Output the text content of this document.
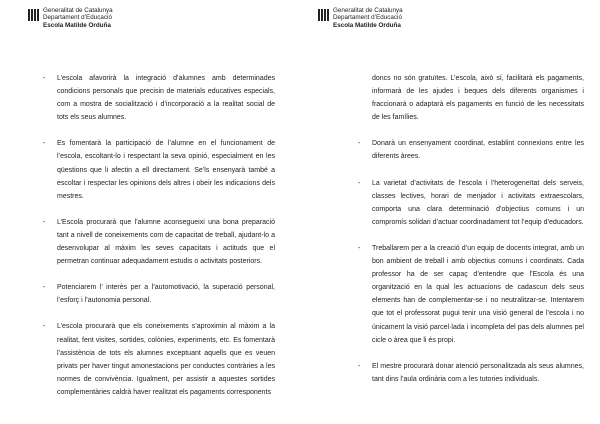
Generalitat de Catalunya
Departament d’Educació
Escola Matilde Orduña
- L’escola afavorirà la integració d’alumnes amb determinades condicions personals que precisin de materials educatives especials, com a mostra de socialització i d’incorporació a la realitat social de tots els seus alumnes.
- Es fomentarà la participació de l’alumne en el funcionament de l’escola, escoltant-lo i respectant la seva opinió, especialment en les qüestions que li afectin a ell directament. Se’ls ensenyarà també a escoltar i respectar les opinions dels altres i obeir les indicacions dels mestres.
- L’Escola procurarà que l’alumne aconsegueixi una bona preparació tant a nivell de coneixements com de capacitat de treball, ajudant-lo a desenvolupar al màxim les seves capacitats i actituds que el permetran continuar adequadament estudis o activitats posteriors.
- Potenciarem l’ interès per a l’automotivació, la superació personal, l’esforç i l’autonomia personal.
- L’escola procurarà que els coneixements s’aproximin al màxim a la realitat, fent visites, sortides, colònies, experiments, etc. Es fomentarà l’assistència de tots els alumnes exceptuant aquells que es veuen privats per haver tingut amonestacions per conductes contràries a les normes de convivència. Igualment, per assistir a aquestes sortides complementàries caldrà haver realitzat els pagaments corresponents
Generalitat de Catalunya
Departament d’Educació
Escola Matilde Orduña
doncs no són gratuïtes. L’escola, això sí, facilitarà els pagaments, informarà de les ajudes i beques dels diferents organismes i fraccionarà o adaptarà els pagaments en funció de les necessitats de les famílies.
- Donarà un ensenyament coordinat, establint connexions entre les diferents àrees.
- La varietat d’activitats de l’escola i l’heterogeneïtat dels serveis, classes lectives, horari de menjador i activitats extraescolars, comporta una clara determinació d’objectius comuns i un compromís solidari d’actuar coordinadament tot l’equip d’educadors.
- Treballarem per a la creació d’un equip de docents integrat, amb un bon ambient de treball i amb objectius comuns i coordinats. Cada professor ha de ser capaç d’entendre que l’Escola és una organització en la qual les actuacions de cadascun dels seus elements han de complementar-se i no neutralitzar-se. Intentarem que tot el professorat pugui tenir una visió general de l’escola i no únicament la visió parcel·lada i incompleta del pas dels alumnes pel cicle o àrea que li és propi.
- El mestre procurarà donar atenció personalitzada als seus alumnes, tant dins l’aula ordinària com a les tutories individuals.
